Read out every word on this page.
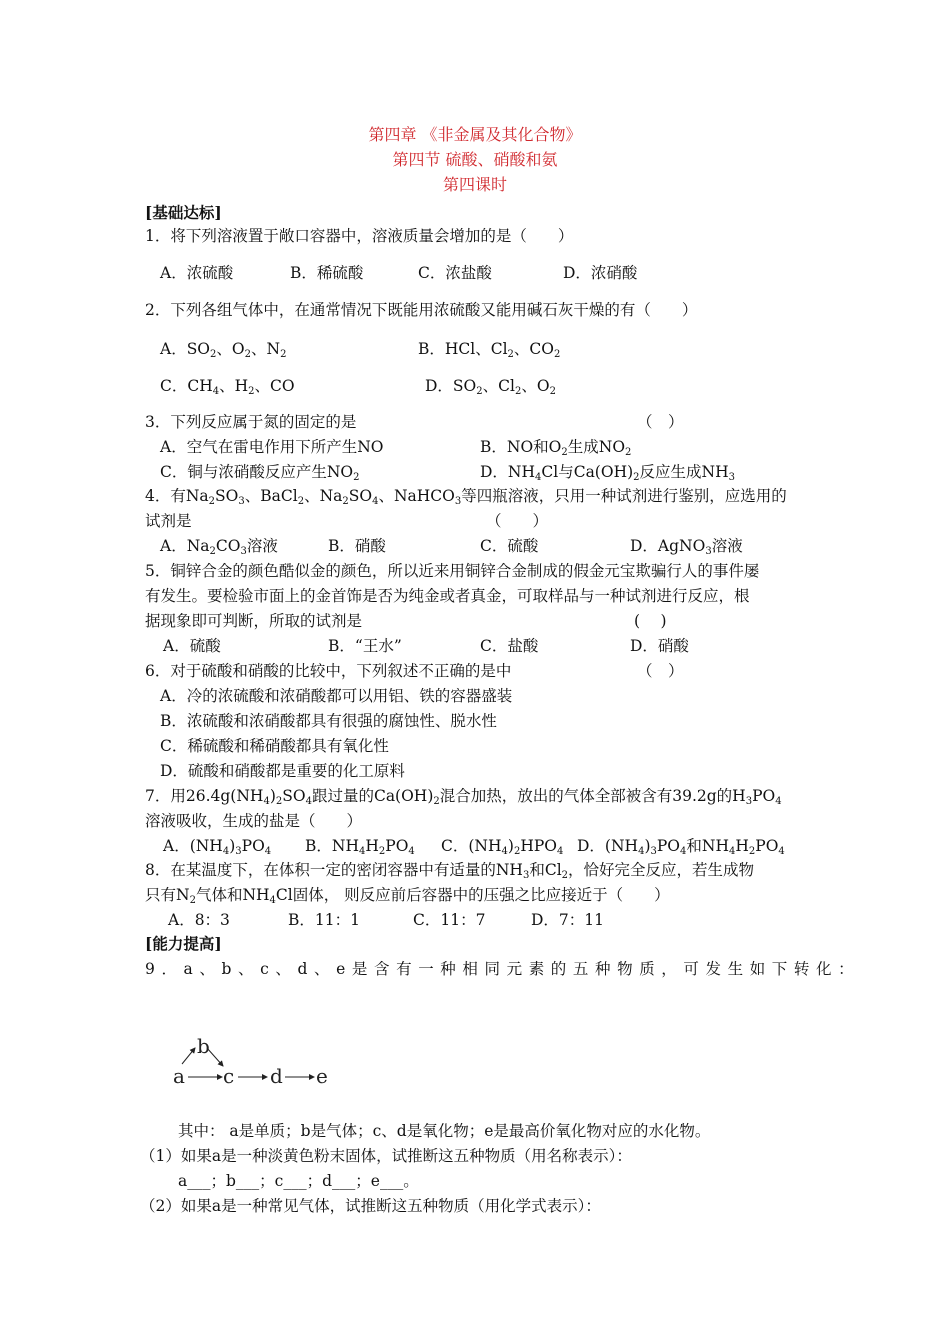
第四章 《非金属及其化合物》
第四节 硫酸、硝酸和氨
第四课时
[基础达标]
1．将下列溶液置于敞口容器中，溶液质量会增加的是（　　）
A．浓硫酸	B．稀硫酸	C．浓盐酸	D．浓硝酸
2．下列各组气体中，在通常情况下既能用浓硫酸又能用碱石灰干燥的有（　　）
A．$SO_2$、$O_2$、$N_2$	B．HCl、$Cl_2$、$CO_2$
C．$CH_4$、$H_2$、CO	D．$SO_2$、$Cl_2$、$O_2$
3．下列反应属于氮的固定的是	（　）
A．空气在雷电作用下所产生NO	B．NO和$O_2$生成$NO_2$
C．铜与浓硝酸反应产生$NO_2$	D．$NH_4Cl$与$Ca(OH)_2$反应生成$NH_3$
4．有$Na_2SO_3$、BaCl$_2$、$Na_2SO_4$、NaHCO$_3$等四瓶溶液，只用一种试剂进行鉴别，应选用的
试剂是	（　　）
A．$Na_2CO_3$溶液	B．硝酸	C．硫酸	D．AgNO$_3$溶液
5．铜锌合金的颜色酷似金的颜色，所以近来用铜锌合金制成的假金元宝欺骗行人的事件屡
有发生。要检验市面上的金首饰是否为纯金或者真金，可取样品与一种试剂进行反应，根
据现象即可判断，所取的试剂是	( 　)
A．硫酸	B．“王水”	C．盐酸	D．硝酸
6．对于硫酸和硝酸的比较中，下列叙述不正确的是中	（　）
A．冷的浓硫酸和浓硝酸都可以用铝、铁的容器盛装
B．浓硫酸和浓硝酸都具有很强的腐蚀性、脱水性
C．稀硫酸和稀硝酸都具有氧化性
D．硫酸和硝酸都是重要的化工原料
7．用$26.4g(NH_4)_2SO_4$跟过量的$Ca(OH)_2$混合加热，放出的气体全部被含有39.2g的$H_3PO_4$
溶液吸收，生成的盐是（　　）
A．$(NH_4)_3PO_4$ B．$NH_4H_2PO_4$ C．$(NH_4)_2HPO_4$ D．$(NH_4)_3PO_4$和$NH_4H_2PO_4$
8．在某温度下，在体积一定的密闭容器中有适量的$NH_3$和$Cl_2$，恰好完全反应，若生成物
只有$N_2$气体和$NH_4Cl$固体， 则反应前后容器中的压强之比应接近于（　　）
A．8：3	B．11：1	C．11：7	D．7：11
[能力提高]
9．a、b、c、d、e是含有一种相同元素的五种物质，可发生如下转化：
a
b
c d e
其中： a是单质；b是气体；c、d是氧化物；e是最高价氧化物对应的水化物。
（1）如果a是一种淡黄色粉末固体，试推断这五种物质（用名称表示）：
a___；b___；c___；d___；e___。
（2）如果a是一种常见气体，试推断这五种物质（用化学式表示）：
